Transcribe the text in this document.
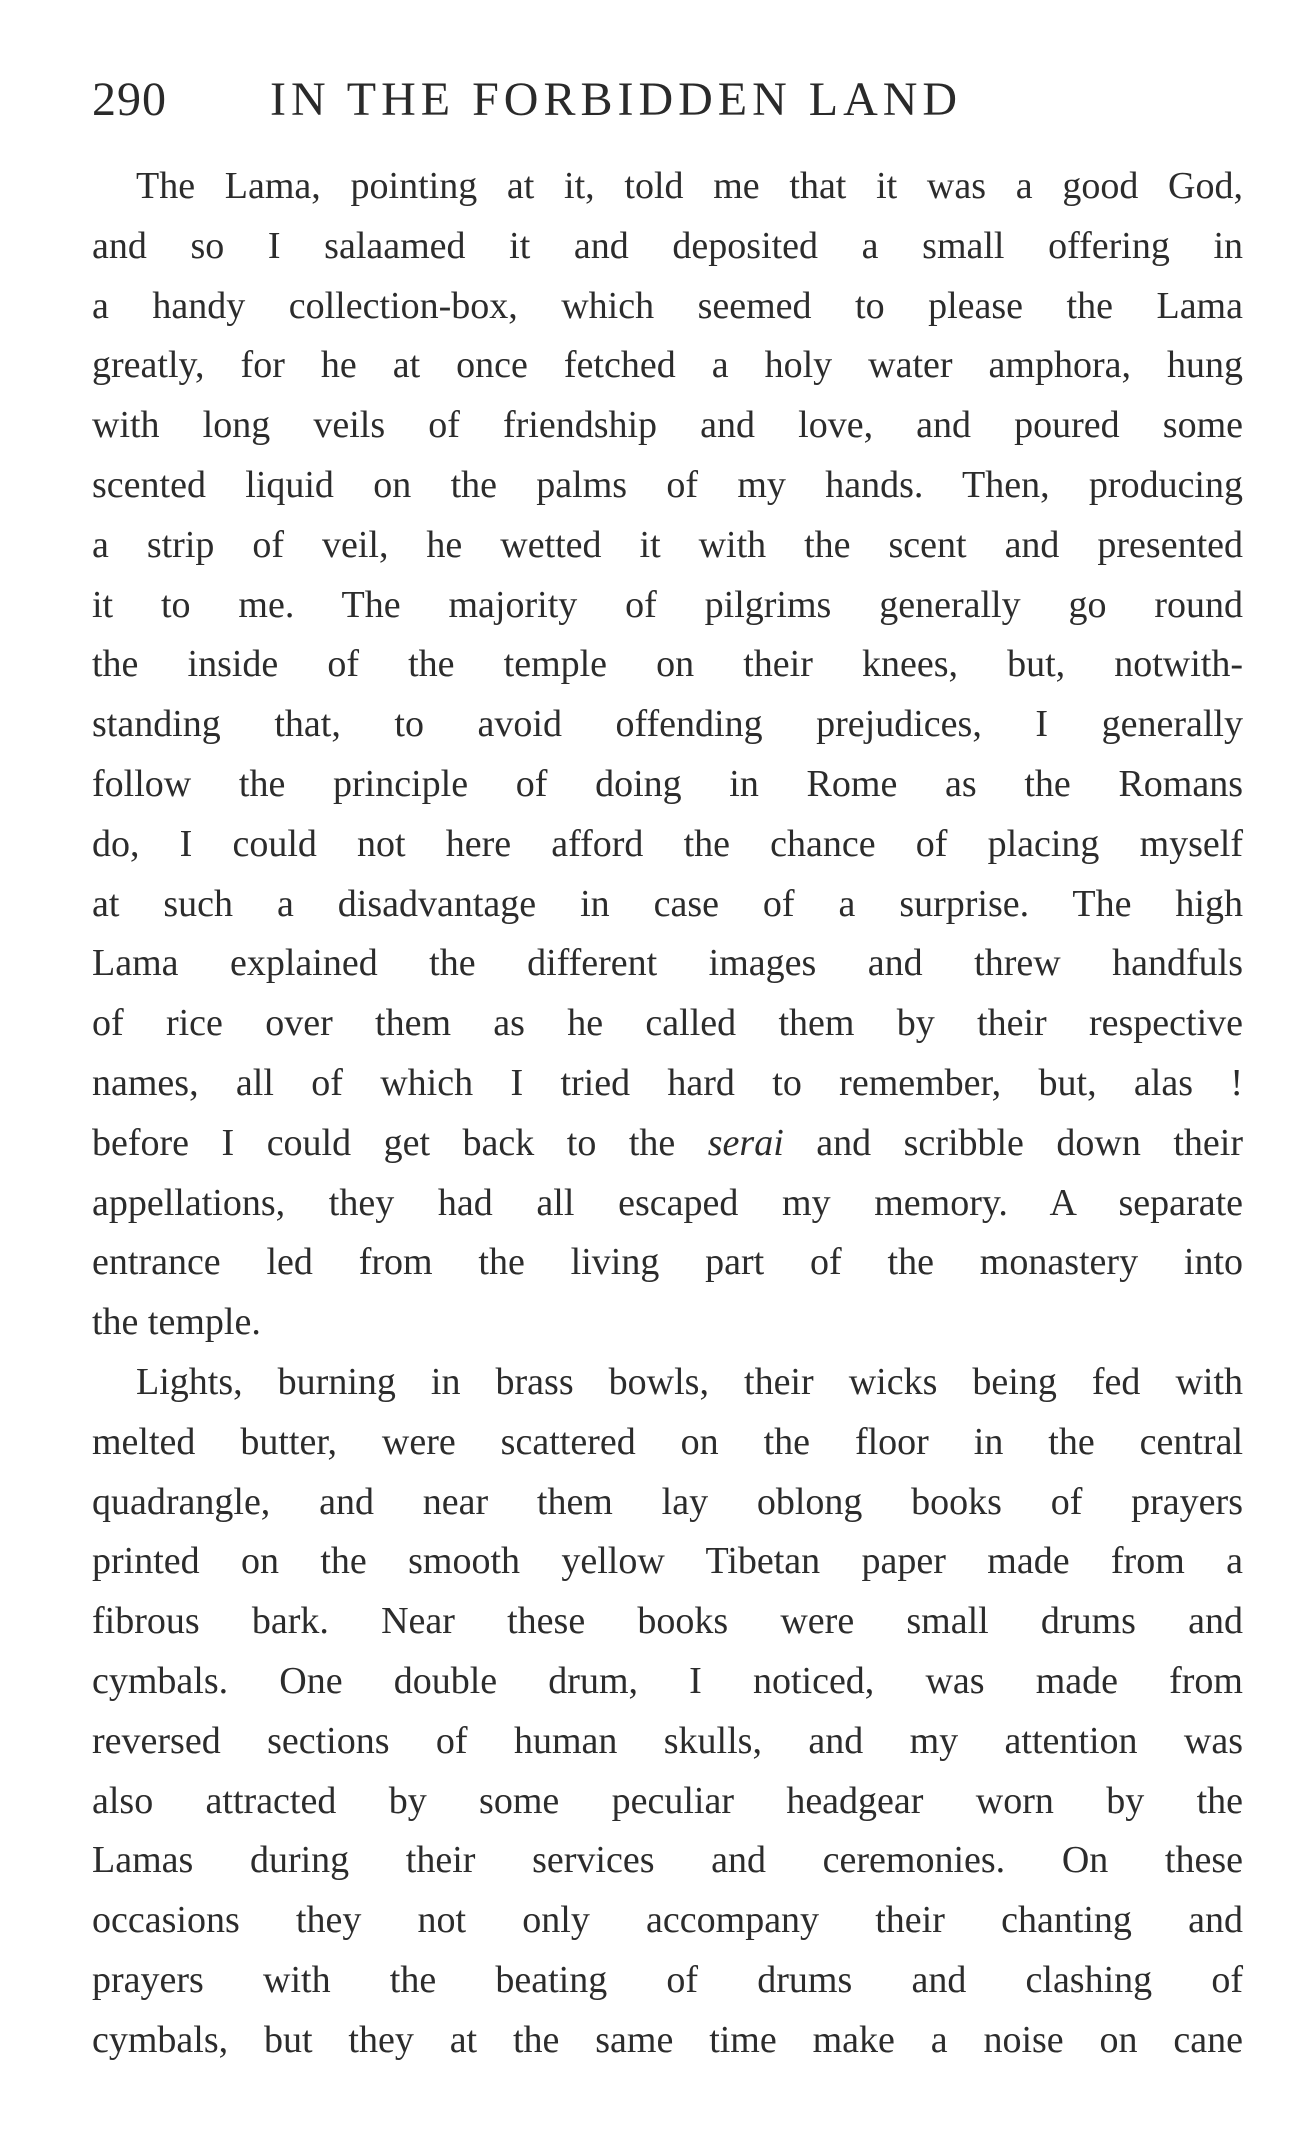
290 IN THE FORBIDDEN LAND
The Lama, pointing at it, told me that it was a good God,
and so I salaamed it and deposited a small offering in
a handy collection-box, which seemed to please the Lama
greatly, for he at once fetched a holy water amphora, hung
with long veils of friendship and love, and poured some
scented liquid on the palms of my hands. Then, producing
a strip of veil, he wetted it with the scent and presented
it to me. The majority of pilgrims generally go round
the inside of the temple on their knees, but, notwith-
standing that, to avoid offending prejudices, I generally
follow the principle of doing in Rome as the Romans
do, I could not here afford the chance of placing myself
at such a disadvantage in case of a surprise. The high
Lama explained the different images and threw handfuls
of rice over them as he called them by their respective
names, all of which I tried hard to remember, but, alas !
before I could get back to the serai and scribble down their
appellations, they had all escaped my memory. A separate
entrance led from the living part of the monastery into
the temple.
Lights, burning in brass bowls, their wicks being fed with
melted butter, were scattered on the floor in the central
quadrangle, and near them lay oblong books of prayers
printed on the smooth yellow Tibetan paper made from a
fibrous bark. Near these books were small drums and
cymbals. One double drum, I noticed, was made from
reversed sections of human skulls, and my attention was
also attracted by some peculiar headgear worn by the
Lamas during their services and ceremonies. On these
occasions they not only accompany their chanting and
prayers with the beating of drums and clashing of
cymbals, but they at the same time make a noise on cane
